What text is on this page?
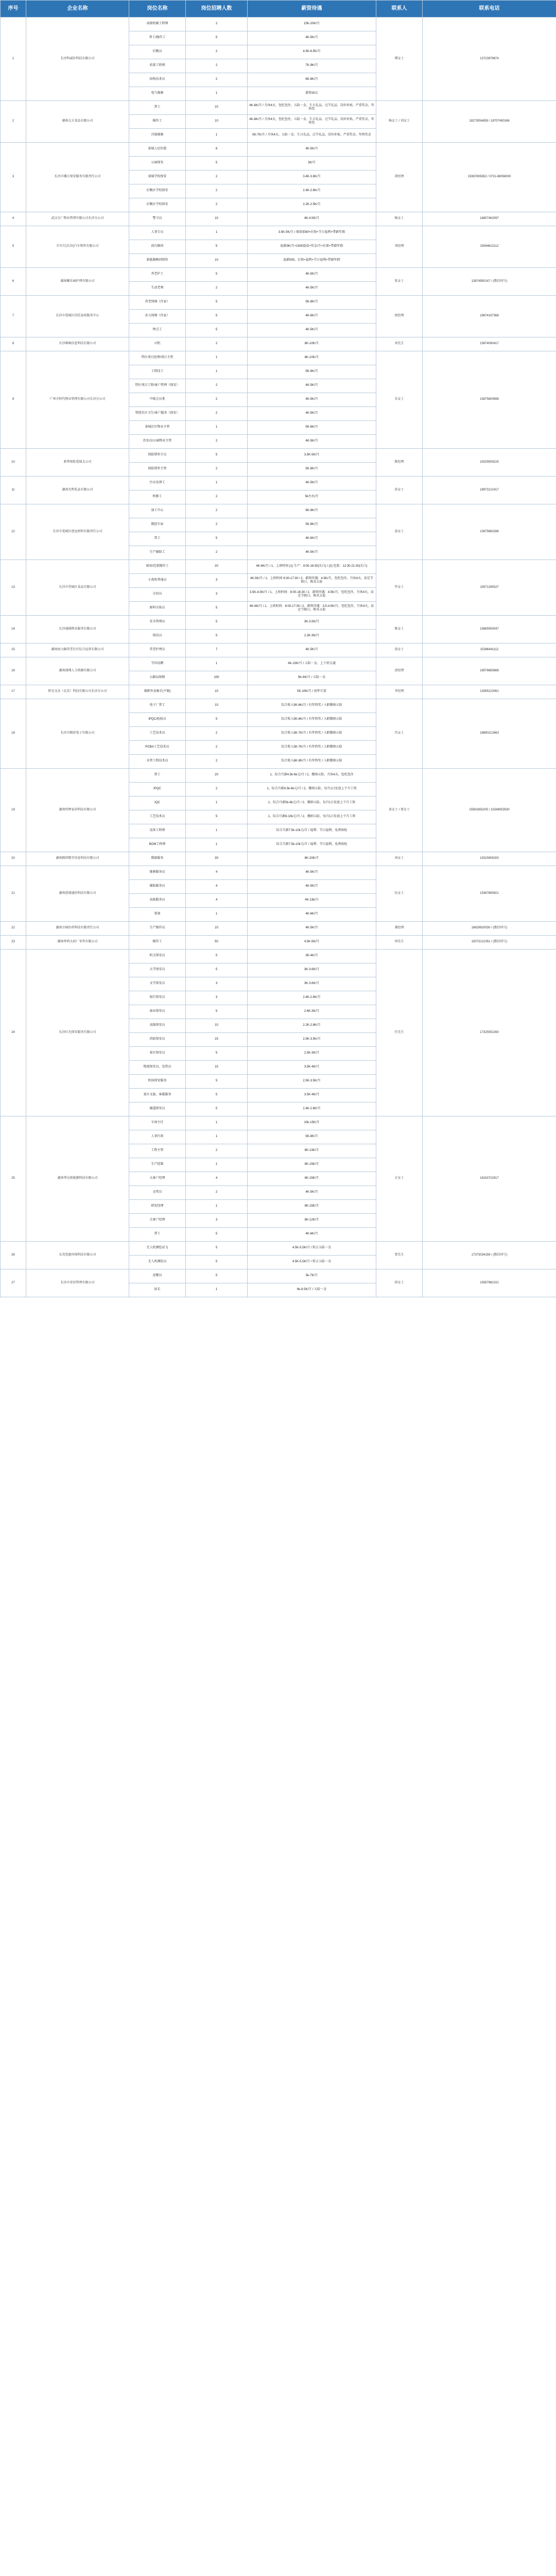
序号	企业名称	岗位名称	岗位招聘人数	薪资待遇	联系人	联系电话
1	长沙科威医科技有限公司	高级机械工程师	2	15K-20K/月	谭女士	13723979674
		普工/操作工	5	4K-5K/月		
		后勤员	2	4.5K-6.5K/月		
		质量工程师	2	7K-9K/月		
		结构技术员	2	6K-8K/月		
		电气维修	1	薪资面议		
2	湖南大方食品有限公司	普工	10	4K-6K/月 / 月休4天，包吃包住，五险一金，生日礼品，过节礼品，岗位补贴，严重奖金，年终奖	杨女士 / 刘女士	18273054859 / 18707490166
		操作工	10	4K-6K/月 / 月休4天，包吃包住，五险一金，生日礼品，过节礼品，岗位补贴，严重奖金，年终奖		
		冷链维修	1	5K-7K/月 / 月休4天，五险一金，生日礼品，过节礼品，岗位补贴，严重奖金，年终奖金		
3	长沙市湘江保安服务有限责任公司	景城人民医院	8	4K-5K/月	胡经理	15367805652 / 0731-88058000
		公园保安	5	3K/月		
		景城学校保安	2	3.4K-3.6K/月		
		后勤区学校保安	2	2.4K-2.6K/月		
		后勤区学校保安	2	2.2K-2.5K/月		
4	武汉分厂物业管理有限公司长沙分公司	警卫员	10	4K-4.5K/月	杨女士	18807462097
5	百车行(长沙)汽车销售有限公司	人事专员	1	3.5K-5K/月 / 绩效加90+社保+节日福利+带薪年假	刘经理	15084622112
		前台顾问	5	底薪3K/月+1500提成+奖金/月+社保+带薪年假		
		新能源顾问销售	10	底薪500，社保+福利+节日福利+带薪年假		
6	湖南颐乐园护理有限公司	养老护士	5	4K-5K/月	张女士	13874950147 / (微信同号)
		生活老师	2	4K-5K/月		
7	长沙市爱城区信托家政服务中心	养老保姆（住家）	5	5K-8K/月	唐经理	18874197368
		育儿保姆（住家）	5	4K-6K/月		
		钟点工	5	4K-5K/月		
8	长沙维畅信息科技有限公司	司机	2	8K-10K/月	刘先生	15874090417
9	广州市时代物业管理有限公司长沙分公司	特区项目经理/项目主管	1	8K-10K/月	朱女士	15675800698
		工程技工	1	5K-6K/月		
		特区项目工程/客户管理（保安）	2	4K-5K/月		
		中级会员类	2	4K-5K/月		
		管控社区卫生/客户服务（保安）	2	4K-5K/月		
		景城社区物业主管	1	5K-6K/月		
		治安员/公园物业主管	2	4K-5K/月		
10	新华保险爱城支公司	保险销售专员	5	3.5K-5K/月	陈经理	15025509225
		保险销售主管	2	5K-8K/月		
11	湖南光明乳品有限公司	污水处理工	1	4K-5K/月	孙女士	18973122417
		机修工	2	5k左右/月		
12	长沙市爱城区创远材料有限责任公司	加工中心	2	6K-9K/月	黄女士	13675883286
		数控车床	2	5K-8K/月		
		普工	5	4K-6K/月		
		生产辅助工	2	4K-5K/月		
13	长沙市望城区食品有限公司	厨房/包装操作工	20	4K-6K/月 / 1、上班时间 (1) 生产：8:00-16:30(长白) / (2) 包装：12:30-21:30(长白)	罗女士	19371195527
		小夜班普通员	3	4K-5K/月 / 1、上班时间 8:30-17:30 / 2、薪资待遇：4-5K/月，包吃包住，月休4天，法定节假日，购买五险		
		分切员	3	3.5K-4.5K/月 / 1、上班时间：8:00-16:30 / 2、薪资待遇：4.5K/月，包吃包住，月休4天，法定节假日，购买五险		
		原料分拣员	5	4K-6K/月 / 1、上班时间：8:00-17:30 / 2、薪资待遇：3.5-4.5K/月，包吃包住，月休4天，法定节假日，购买五险		
14	长沙通城物业服务有限公司	安全管理员	5	3K-3.5K/月	陈女士	15865050047
		保洁员	5	2.2K-3K/月		
15	湖南海力赫养老社区综合运营有限公司	养老护理员	7	4K-5K/月	黄女士	15386441112
16	湖南盛翔人力资源有限公司	学位招聘	1	4K-10K/月 / 五险一金，上下班交通	黄经理	18576883668
		公路局保障	100	5K-6K/月 / 五险一金		
17	阳光文杰（北京）科技有限公司长沙分公司	兼职外卖骑手(不限)	10	5K-10K/月 / 按件计算	李经理	13065122061
18	长沙市精彩电子有限公司	电子厂普工	10	综合收入5K-6K/月 / 有年终奖 / 入职缴纳五险	肖女士	18890212663
		IPQC/检验员	5	综合收入5K-6K/月 / 有年终奖 / 入职缴纳五险		
		工艺技术员	2	综合收入5K-7K/月 / 有年终奖 / 入职缴纳五险		
		PCBA工艺技术员	2	综合收入5K-7K/月 / 有年终奖 / 入职缴纳五险		
		水管工程技术员	2	综合收入6K-9K/月 / 有年终奖 / 入职缴纳五险		
19	湖南恒辉家居科技有限公司	普工	20	1、综合月薪4.5k-6k元/月 / 2、缴纳五险，月休4天，包吃包住	黄女士 / 蔡女士	15581655205 / 15348053530
		IPQC	2	1、综合月薪4.5k-6k元/月 / 2、缴纳五险，每月1日发放上个月工资		
		IQC	1	1、综合月薪5k-6k元/月 / 2、缴纳五险，每月1日发放上个月工资		
		工艺技术员	5	1、综合月薪6-10k元/月 / 2、缴纳五险，每月1日发放上个月工资		
		设备工程师	1	综合月薪7.5k-10k元/月 / 福利：节日福利、免费体检		
		BOM工程师	1	综合月薪7.5k-10k元/月 / 福利：节日福利、免费体检		
20	湖南精鸿数字信息科技有限公司	数据服务	30	8K-20K/月	刘女士	19315905200
21	湖南创视通信科技有限公司	维修服务员	4	4K-5K/月	伍女士	15367690921
		辅助服务员	4	4K-5K/月		
		高级服务员	4	4K-13k/月		
		策划	1	4K-6K/月		
22	湖南分园医药科技有限责任公司	生产操作员	10	4K-5K/月	龚经理	18629820030 / (微信同号)
23	湖南华鸿大药厂零售有限公司	操作工	50	4.5K-5K/月	周先生	15073121051 / (微信同号)
24	长沙红光保安服务有限公司	机关保安员	5	3K-4K/月	任先生	17325052260
		大学保安员	5	3K-3.6K/月		
		文学保安员	3	3K-3.6K/月		
		银行保安员	3	2.4K-2.6K/月		
		商业保安员	5	2.6K-3K/月		
		高级保安员	10	2.2K-2.8K/月		
		消防保安员	15	2.5K-3.5K/月		
		景区保安员	5	2.5K-3K/月		
		物流保安员、发热员	15	3.5K-4K/月		
		机场保安服务	5	2.5K-3.5K/月		
		景区文旅、客服服务	5	3.5K-4K/月		
		辅道保安员	5	2.4K-2.6K/月		
25	湖南华达新能源科技有限公司	车间主任	1	10k-15K/月	方女士	18163722917
		人事行政	1	5K-8K/月		
		工程主管	2	8K-13K/月		
		生产控制	1	8K-15K/月		
		大客户经理	4	8K-15K/月		
		仓管员	2	4K-5K/月		
		研发经理	1	8K-15K/月		
		大客户经理	3	8K-12K/月		
		普工	5	4K-6K/月		
26	东莞优能环保科技有限公司	无人机测绘试飞	5	4.5K-5.5K/月 / 转正五险一金	曹先生	17373034159 / (微信同号)
		无人机测绘员	5	4.5K-5.5K/月 / 转正五险一金		
27	长沙市安居管理有限公司	送餐员	5	5k-7K/月	徐女士	15597982151
		站长	1	6k-8.5K/月 / 五险一金		
